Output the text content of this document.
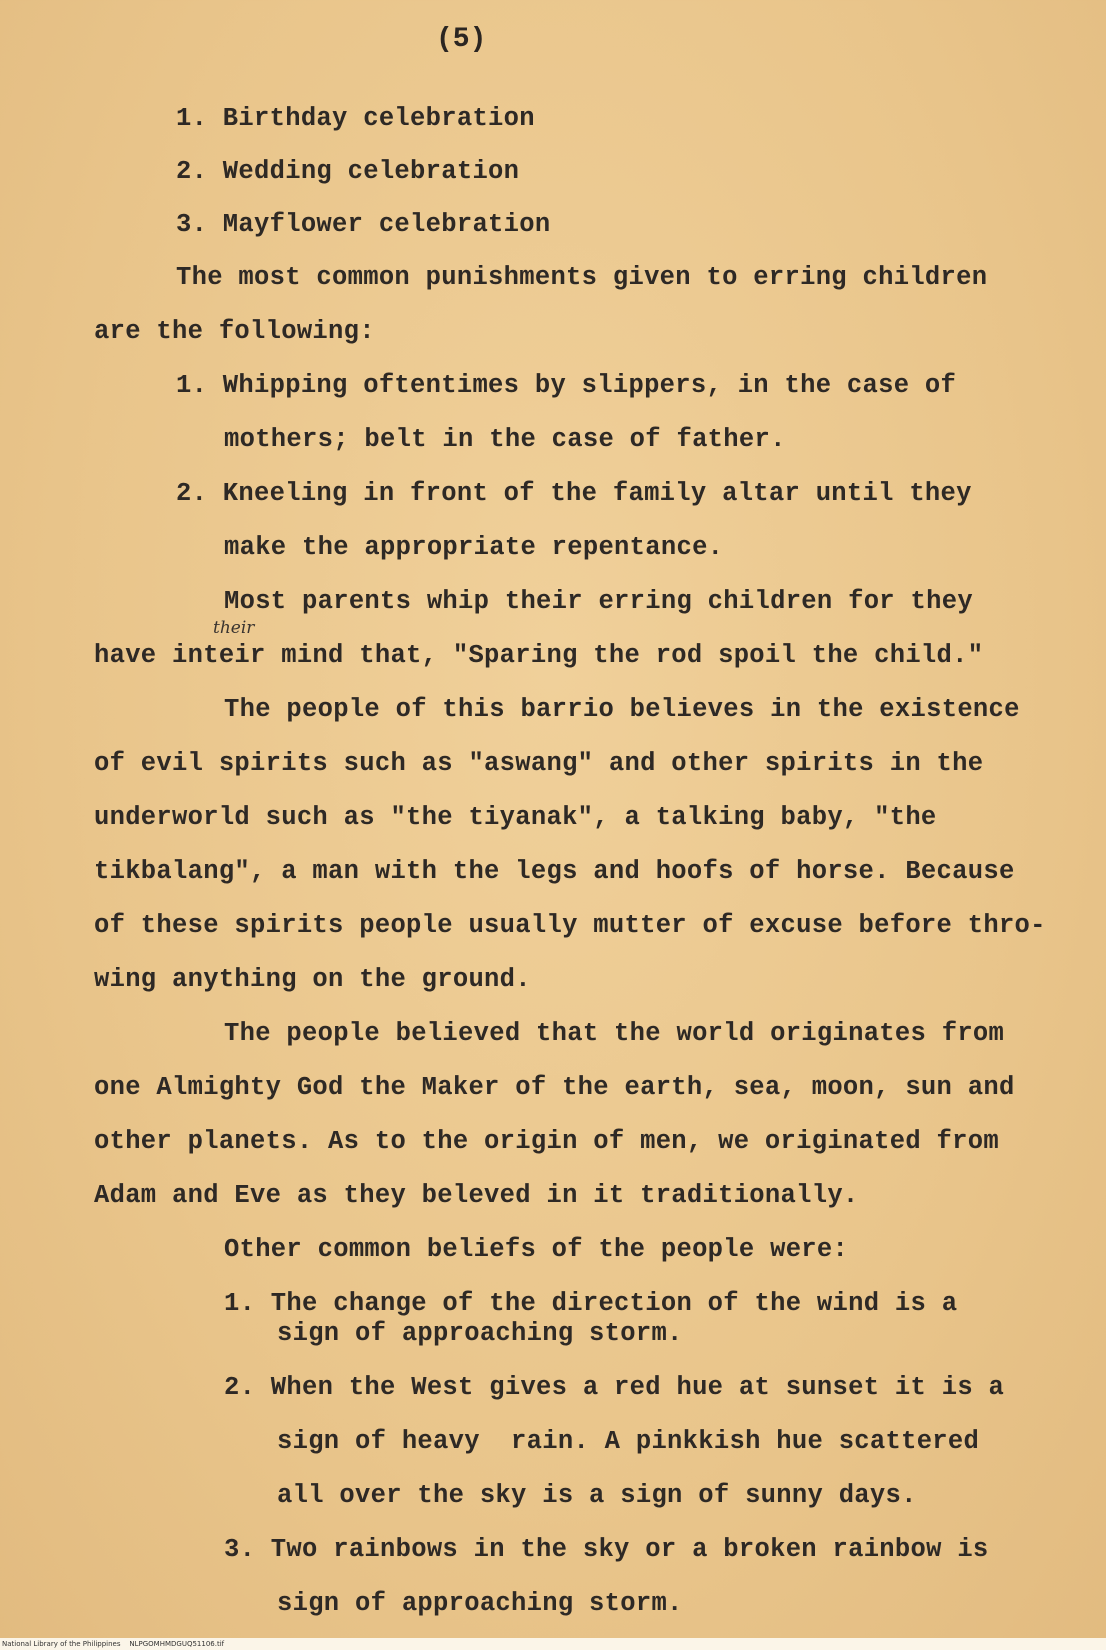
(5)
1. Birthday celebration
2. Wedding celebration
3. Mayflower celebration
The most common punishments given to erring children
are the following:
1. Whipping oftentimes by slippers, in the case of
mothers; belt in the case of father.
2. Kneeling in front of the family altar until they
make the appropriate repentance.
Most parents whip their erring children for they
their
have inteir mind that, "Sparing the rod spoil the child."
The people of this barrio believes in the existence
of evil spirits such as "aswang" and other spirits in the
underworld such as "the tiyanak", a talking baby, "the
tikbalang", a man with the legs and hoofs of horse. Because
of these spirits people usually mutter of excuse before thro-
wing anything on the ground.
The people believed that the world originates from
one Almighty God the Maker of the earth, sea, moon, sun and
other planets. As to the origin of men, we originated from
Adam and Eve as they beleved in it traditionally.
Other common beliefs of the people were:
1. The change of the direction of the wind is a
sign of approaching storm.
2. When the West gives a red hue at sunset it is a
sign of heavy  rain. A pinkkish hue scattered
all over the sky is a sign of sunny days.
3. Two rainbows in the sky or a broken rainbow is
sign of approaching storm.
National Library of the Philippines    NLPGOMHMDGUQ51106.tif
